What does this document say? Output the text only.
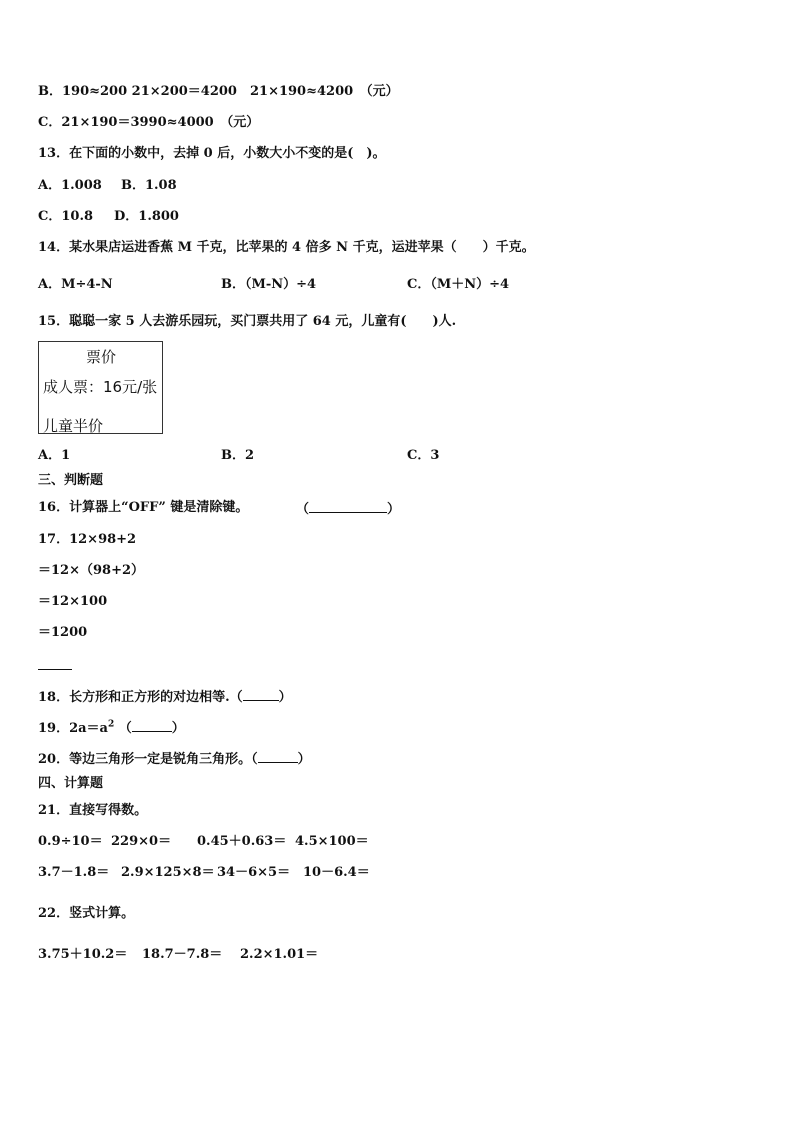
B．190≈200 21×200＝4200　21×190≈4200　（元）
C．21×190＝3990≈4000　（元）
13．在下面的小数中，去掉 0 后，小数大小不变的是(　)。
A．1.008 B．1.08
C．10.8 D．1.800
14．某水果店运进香蕉 M 千克，比苹果的 4 倍多 N 千克，运进苹果（　　）千克。
A．M÷4-N	B．（M-N）÷4	C．（M＋N）÷4
15．聪聪一家 5 人去游乐园玩，买门票共用了 64 元，儿童有(　　)人.
票价
成人票：16元/张
儿童半价
A．1	B．2	C．3
三、判断题
16．计算器上“OFF” 键是清除键。	（	）
17．12×98+2
＝12×（98+2）
＝12×100
＝1200
18．长方形和正方形的对边相等.（	）
19．$2a=a^2$ （	）
20．等边三角形一定是锐角三角形。（	）
四、计算题
21．直接写得数。
0.9÷10＝ 229×0＝ 0.45＋0.63＝ 4.5×100＝
3.7－1.8＝ 2.9×125×8＝ 34－6×5＝ 10－6.4＝
22．竖式计算。
3.75＋10.2＝ 18.7－7.8＝ 2.2×1.01＝
